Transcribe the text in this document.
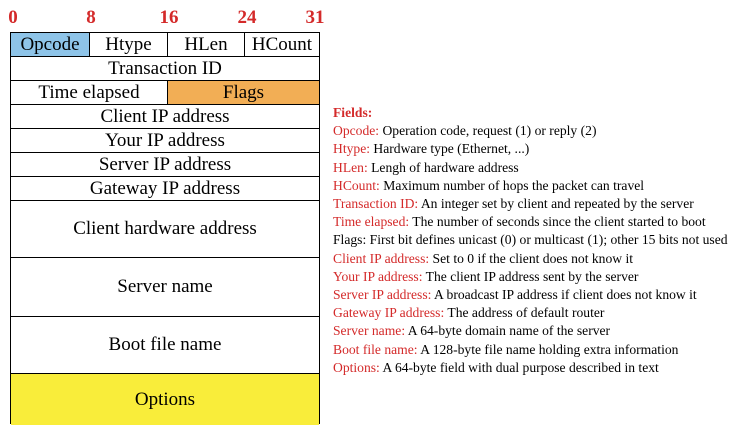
0	8	16	24	31
Opcode	Htype	HLen	HCount
Transaction ID
Time elapsed	Flags
Client IP address
Your IP address
Server IP address
Gateway IP address
Client hardware address
Server name
Boot file name
Options
Fields:
Opcode: Operation code, request (1) or reply (2)
Htype: Hardware type (Ethernet, ...)
HLen: Lengh of hardware address
HCount: Maximum number of hops the packet can travel
Transaction ID: An integer set by client and repeated by the server
Time elapsed: The number of seconds since the client started to boot
Flags: First bit defines unicast (0) or multicast (1); other 15 bits not used
Client IP address: Set to 0 if the client does not know it
Your IP address: The client IP address sent by the server
Server IP address: A broadcast IP address if client does not know it
Gateway IP address: The address of default router
Server name: A 64-byte domain name of the server
Boot file name: A 128-byte file name holding extra information
Options: A 64-byte field with dual purpose described in text
